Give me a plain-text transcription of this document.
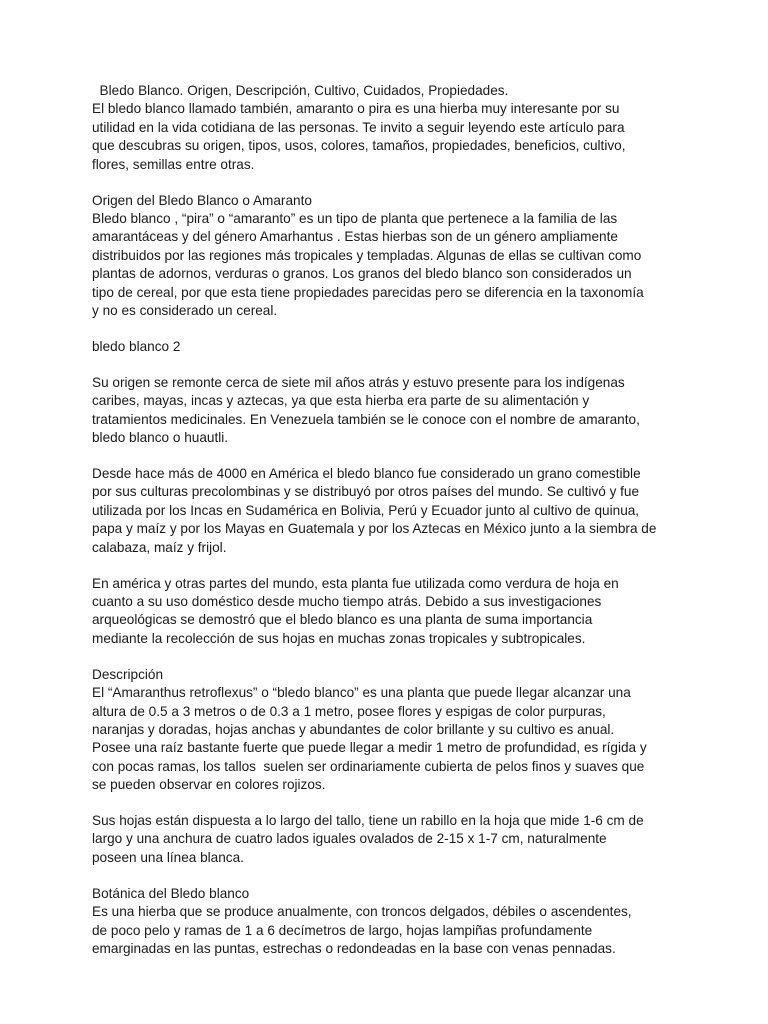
Bledo Blanco. Origen, Descripción, Cultivo, Cuidados, Propiedades.
El bledo blanco llamado también, amaranto o pira es una hierba muy interesante por su
utilidad en la vida cotidiana de las personas. Te invito a seguir leyendo este artículo para
que descubras su origen, tipos, usos, colores, tamaños, propiedades, beneficios, cultivo,
flores, semillas entre otras.
Origen del Bledo Blanco o Amaranto
Bledo blanco , “pira” o “amaranto” es un tipo de planta que pertenece a la familia de las
amarantáceas y del género Amarhantus . Estas hierbas son de un género ampliamente
distribuidos por las regiones más tropicales y templadas. Algunas de ellas se cultivan como
plantas de adornos, verduras o granos. Los granos del bledo blanco son considerados un
tipo de cereal, por que esta tiene propiedades parecidas pero se diferencia en la taxonomía
y no es considerado un cereal.
bledo blanco 2
Su origen se remonte cerca de siete mil años atrás y estuvo presente para los indígenas
caribes, mayas, incas y aztecas, ya que esta hierba era parte de su alimentación y
tratamientos medicinales. En Venezuela también se le conoce con el nombre de amaranto,
bledo blanco o huautli.
Desde hace más de 4000 en América el bledo blanco fue considerado un grano comestible
por sus culturas precolombinas y se distribuyó por otros países del mundo. Se cultivó y fue
utilizada por los Incas en Sudamérica en Bolivia, Perú y Ecuador junto al cultivo de quinua,
papa y maíz y por los Mayas en Guatemala y por los Aztecas en México junto a la siembra de
calabaza, maíz y frijol.
En américa y otras partes del mundo, esta planta fue utilizada como verdura de hoja en
cuanto a su uso doméstico desde mucho tiempo atrás. Debido a sus investigaciones
arqueológicas se demostró que el bledo blanco es una planta de suma importancia
mediante la recolección de sus hojas en muchas zonas tropicales y subtropicales.
Descripción
El “Amaranthus retroflexus” o “bledo blanco” es una planta que puede llegar alcanzar una
altura de 0.5 a 3 metros o de 0.3 a 1 metro, posee flores y espigas de color purpuras,
naranjas y doradas, hojas anchas y abundantes de color brillante y su cultivo es anual.
Posee una raíz bastante fuerte que puede llegar a medir 1 metro de profundidad, es rígida y
con pocas ramas, los tallos  suelen ser ordinariamente cubierta de pelos finos y suaves que
se pueden observar en colores rojizos.
Sus hojas están dispuesta a lo largo del tallo, tiene un rabillo en la hoja que mide 1-6 cm de
largo y una anchura de cuatro lados iguales ovalados de 2-15 x 1-7 cm, naturalmente
poseen una línea blanca.
Botánica del Bledo blanco
Es una hierba que se produce anualmente, con troncos delgados, débiles o ascendentes,
de poco pelo y ramas de 1 a 6 decímetros de largo, hojas lampiñas profundamente
emarginadas en las puntas, estrechas o redondeadas en la base con venas pennadas.
